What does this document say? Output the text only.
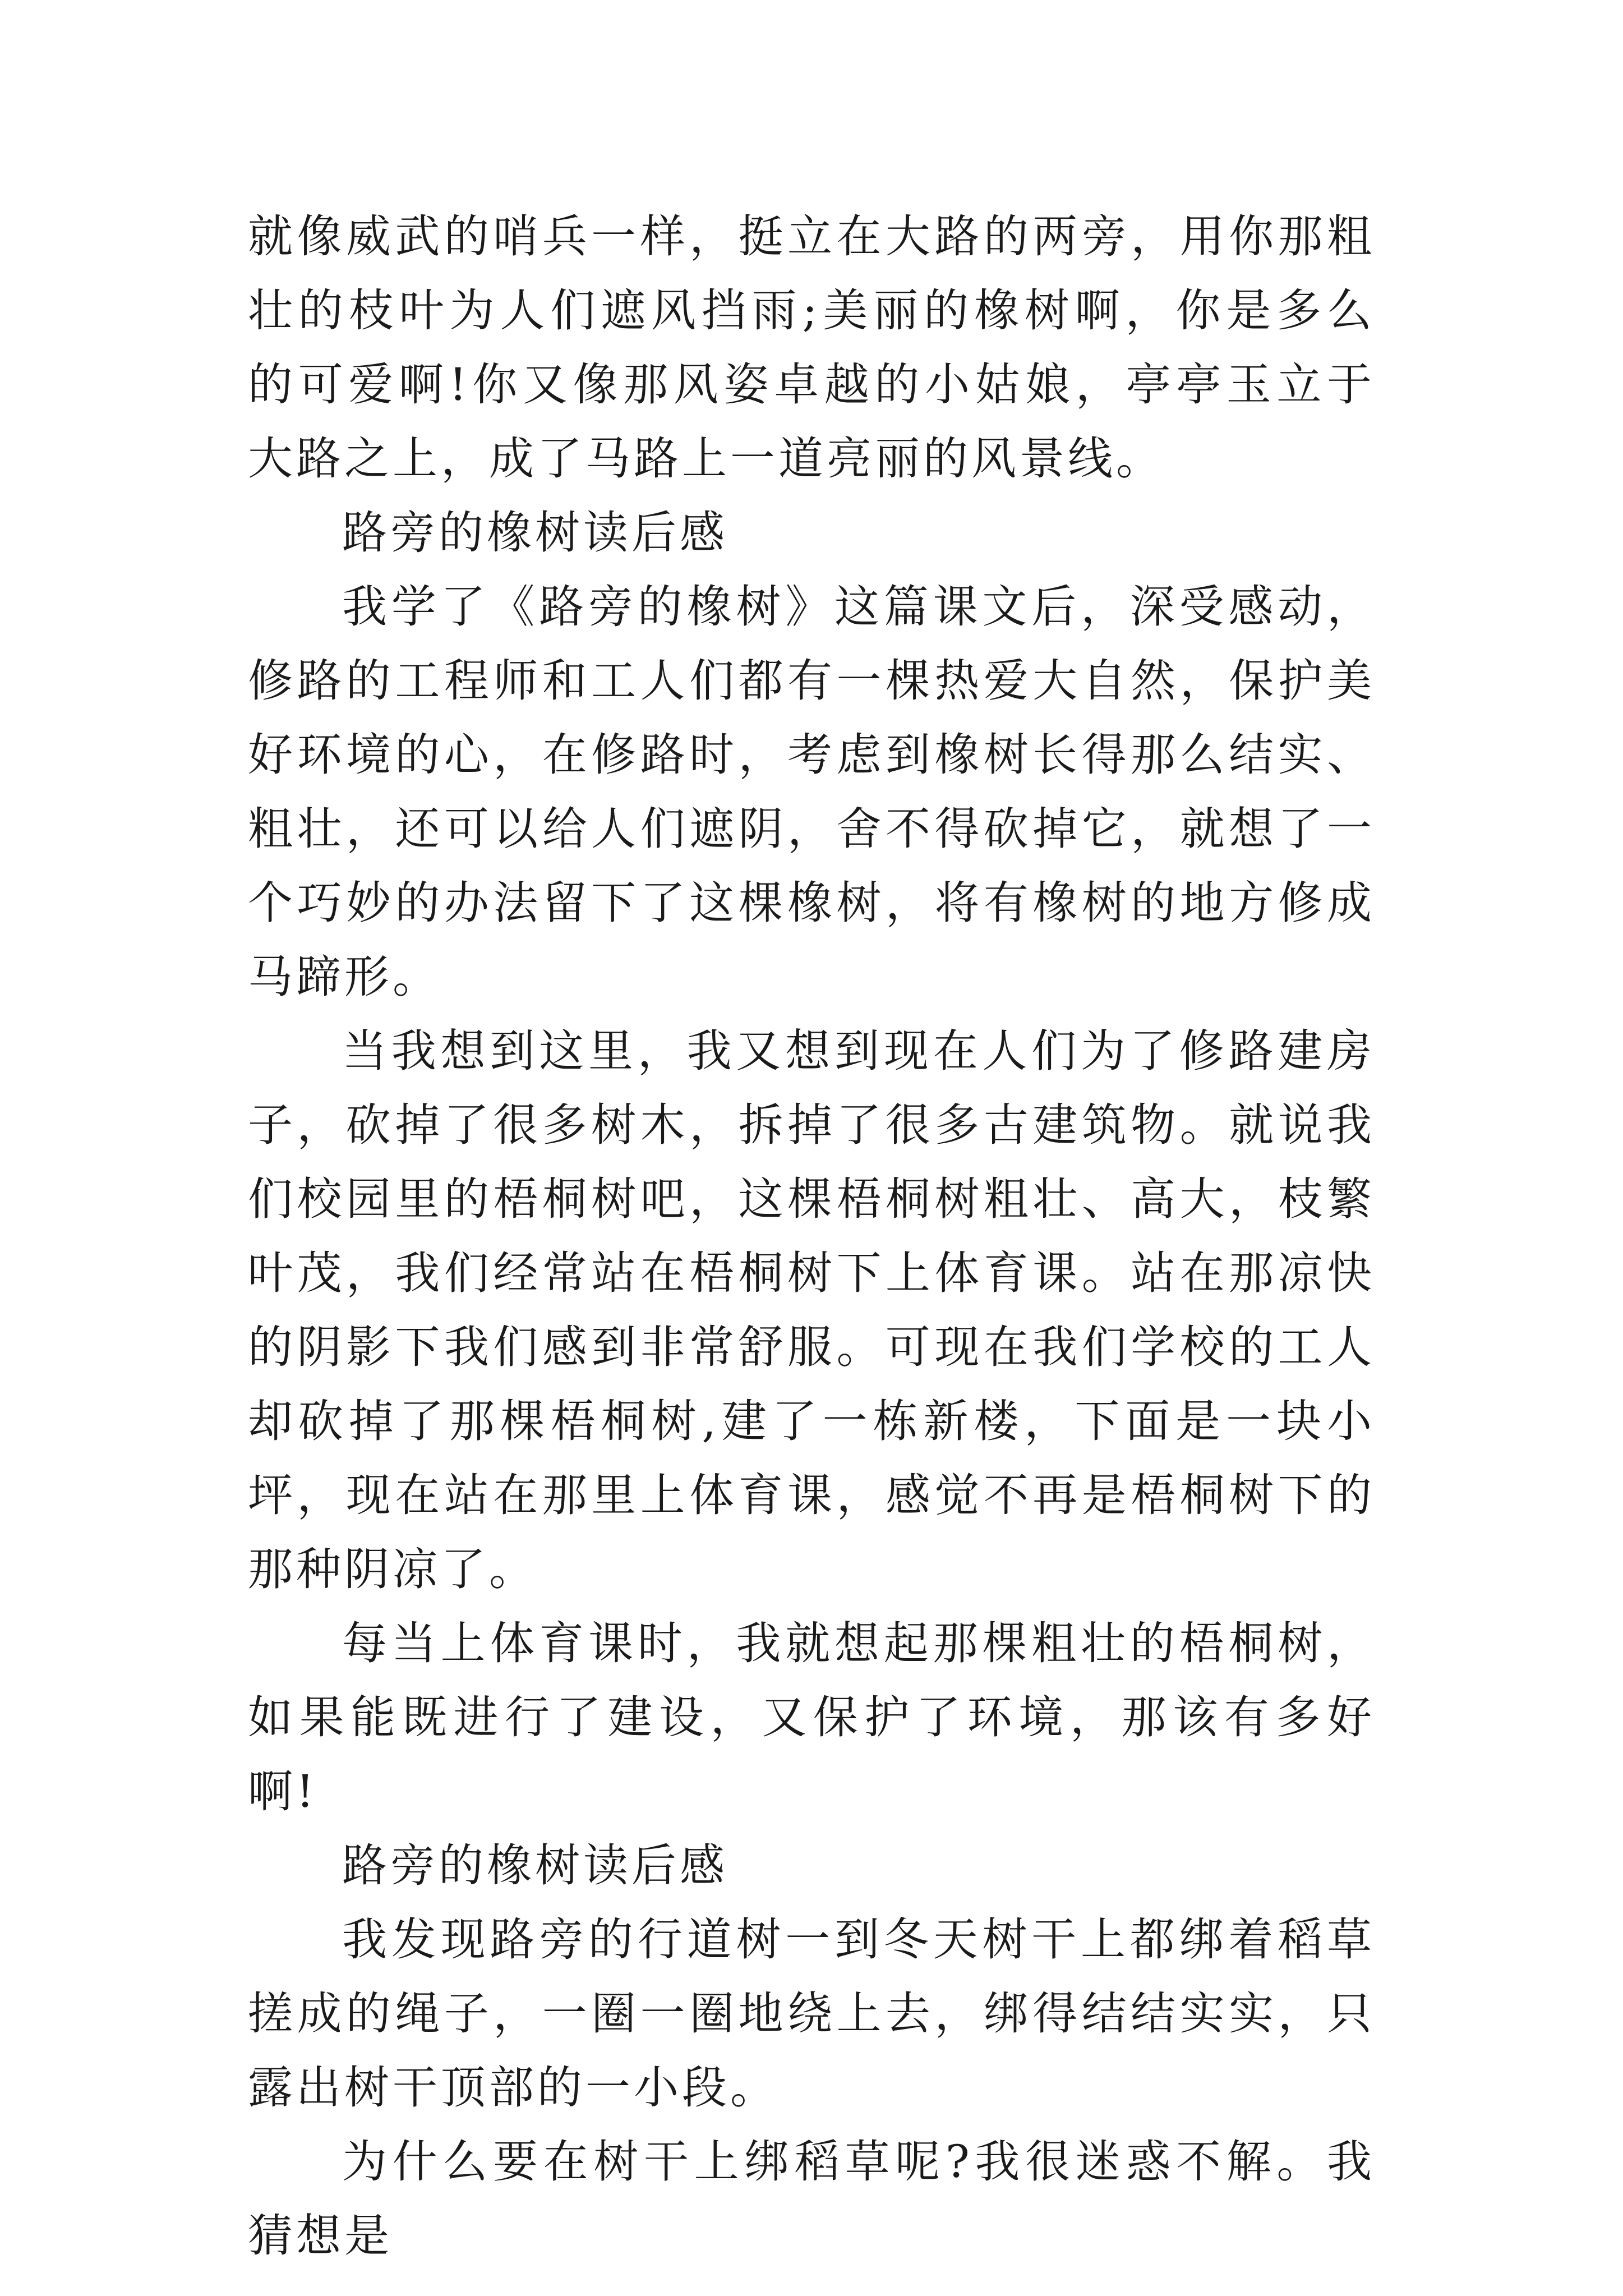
就像威武的哨兵一样，挺立在大路的两旁，用你那粗壮的枝叶为人们遮风挡雨;美丽的橡树啊，你是多么的可爱啊!你又像那风姿卓越的小姑娘，亭亭玉立于大路之上，成了马路上一道亮丽的风景线。

路旁的橡树读后感

我学了《路旁的橡树》这篇课文后，深受感动，修路的工程师和工人们都有一棵热爱大自然，保护美好环境的心，在修路时，考虑到橡树长得那么结实、粗壮，还可以给人们遮阴，舍不得砍掉它，就想了一个巧妙的办法留下了这棵橡树，将有橡树的地方修成马蹄形。

当我想到这里，我又想到现在人们为了修路建房子，砍掉了很多树木，拆掉了很多古建筑物。就说我们校园里的梧桐树吧，这棵梧桐树粗壮、高大，枝繁叶茂，我们经常站在梧桐树下上体育课。站在那凉快的阴影下我们感到非常舒服。可现在我们学校的工人却砍掉了那棵梧桐树,建了一栋新楼，下面是一块小坪，现在站在那里上体育课，感觉不再是梧桐树下的那种阴凉了。

每当上体育课时，我就想起那棵粗壮的梧桐树，如果能既进行了建设，又保护了环境，那该有多好啊!

路旁的橡树读后感

我发现路旁的行道树一到冬天树干上都绑着稻草搓成的绳子，一圈一圈地绕上去，绑得结结实实，只露出树干顶部的一小段。

为什么要在树干上绑稻草呢?我很迷惑不解。我猜想是
